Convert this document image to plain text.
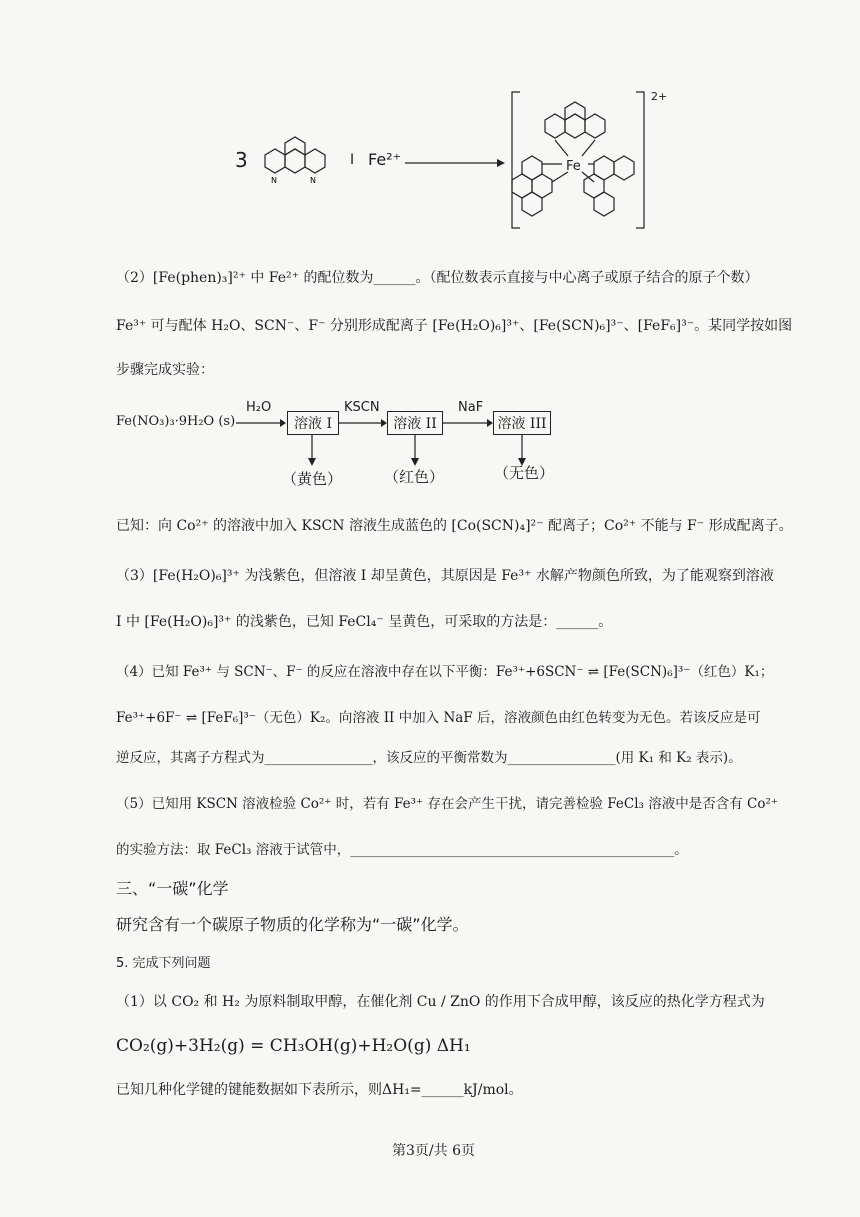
3
N	N
I Fe²⁺	Fe
2+
（2）[Fe(phen)₃]²⁺ 中 Fe²⁺ 的配位数为______。（配位数表示直接与中心离子或原子结合的原子个数）
Fe³⁺ 可与配体 H₂O、SCN⁻、F⁻ 分别形成配离子 [Fe(H₂O)₆]³⁺、[Fe(SCN)₆]³⁻、[FeF₆]³⁻。某同学按如图
步骤完成实验：
Fe(NO₃)₃·9H₂O (s)
H₂O
溶液 I
KSCN
溶液 II
NaF
溶液 III
（黄色）	（红色）	（无色）
已知：向 Co²⁺ 的溶液中加入 KSCN 溶液生成蓝色的 [Co(SCN)₄]²⁻ 配离子；Co²⁺ 不能与 F⁻ 形成配离子。
（3）[Fe(H₂O)₆]³⁺ 为浅紫色，但溶液 I 却呈黄色，其原因是 Fe³⁺ 水解产物颜色所致，为了能观察到溶液
I 中 [Fe(H₂O)₆]³⁺ 的浅紫色，已知 FeCl₄⁻ 呈黄色，可采取的方法是：______。
（4）已知 Fe³⁺ 与 SCN⁻、F⁻ 的反应在溶液中存在以下平衡：Fe³⁺+6SCN⁻ ⇌ [Fe(SCN)₆]³⁻（红色）K₁；
Fe³⁺+6F⁻ ⇌ [FeF₆]³⁻（无色）K₂。向溶液 II 中加入 NaF 后，溶液颜色由红色转变为无色。若该反应是可
逆反应，其离子方程式为________________，该反应的平衡常数为________________(用 K₁ 和 K₂ 表示)。
（5）已知用 KSCN 溶液检验 Co²⁺ 时，若有 Fe³⁺ 存在会产生干扰，请完善检验 FeCl₃ 溶液中是否含有 Co²⁺
的实验方法：取 FeCl₃ 溶液于试管中，________________________________________________。
三、“一碳”化学
研究含有一个碳原子物质的化学称为“一碳”化学。
5. 完成下列问题
（1）以 CO₂ 和 H₂ 为原料制取甲醇，在催化剂 Cu / ZnO 的作用下合成甲醇，该反应的热化学方程式为
CO₂(g)+3H₂(g) = CH₃OH(g)+H₂O(g) ΔH₁
已知几种化学键的键能数据如下表所示，则ΔH₁=______kJ/mol。
第3页/共 6页
